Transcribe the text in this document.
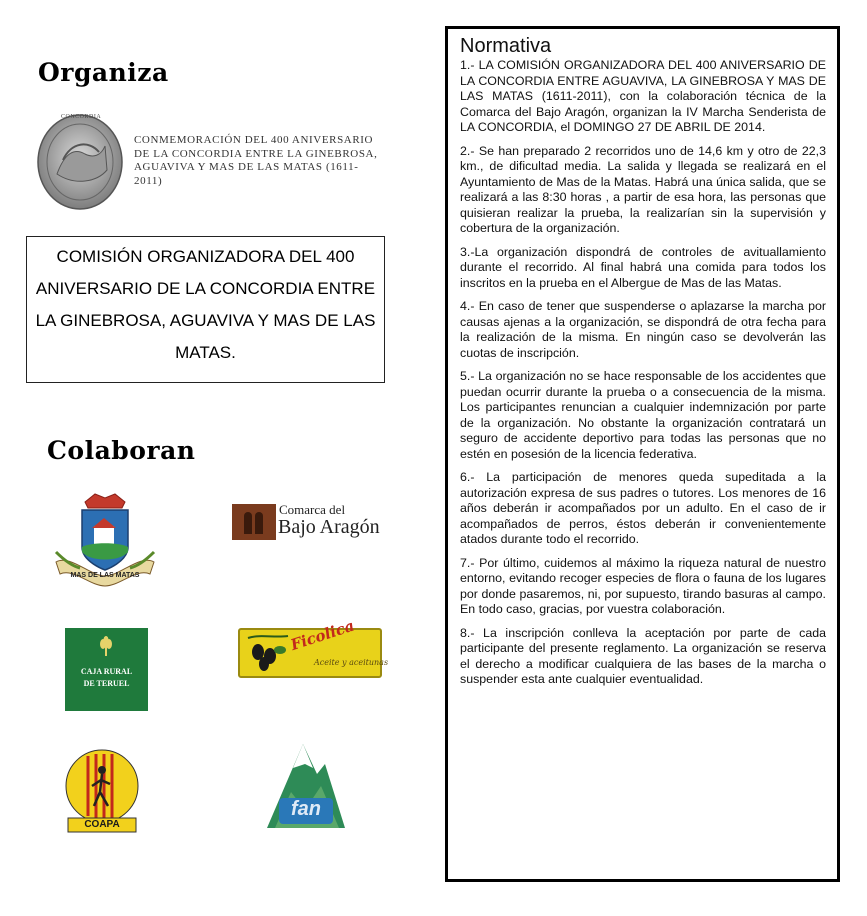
Organiza
CONCORDIA
CONMEMORACIÓN DEL 400 ANIVERSARIO DE LA CONCORDIA ENTRE LA GINEBROSA, AGUAVIVA Y MAS DE LAS MATAS (1611-2011)
COMISIÓN ORGANIZADORA DEL 400 ANIVERSARIO DE LA CONCORDIA ENTRE LA GINEBROSA, AGUAVIVA Y MAS DE LAS MATAS.
Colaboran
MAS DE LAS MATAS
Comarca del
Bajo Aragón
CAJA RURAL
DE TERUEL
Ficolica
Aceite y aceitunas
COAPA
fan
Normativa

1.- LA COMISIÓN ORGANIZADORA DEL 400 ANIVERSARIO DE LA CONCORDIA ENTRE AGUAVIVA, LA GINEBROSA Y MAS DE LAS MATAS (1611-2011), con la colaboración técnica de la Comarca del Bajo Aragón, organizan la IV Marcha Senderista de LA CONCORDIA, el DOMINGO 27 DE ABRIL DE 2014.

2.- Se han preparado 2 recorridos uno de 14,6 km y otro de 22,3 km., de dificultad media. La salida y llegada se realizará en el Ayuntamiento de Mas de la Matas. Habrá una única salida, que se realizará a las 8:30 horas , a partir de esa hora, las personas que quisieran realizar la prueba, la realizarían sin la supervisión y cobertura de la organización.

3.-La organización dispondrá de controles de avituallamiento durante el recorrido. Al final habrá una comida para todos los inscritos en la prueba en el Albergue de Mas de las Matas.

4.- En caso de tener que suspenderse o aplazarse la marcha por causas ajenas a la organización, se dispondrá de otra fecha para la realización de la misma. En ningún caso se devolverán las cuotas de inscripción.

5.- La organización no se hace responsable de los accidentes que puedan ocurrir durante la prueba o a consecuencia de la misma. Los participantes renuncian a cualquier indemnización por parte de la organización. No obstante la organización contratará un seguro de accidente deportivo para todas las personas que no estén en posesión de la licencia federativa.

6.- La participación de menores queda supeditada a la autorización expresa de sus padres o tutores. Los menores de 16 años deberán ir acompañados por un adulto. En el caso de ir acompañados de perros, éstos deberán ir convenientemente atados durante todo el recorrido.

7.- Por último, cuidemos al máximo la riqueza natural de nuestro entorno, evitando recoger especies de flora o fauna de los lugares por donde pasaremos, ni, por supuesto, tirando basuras al campo. En todo caso, gracias, por vuestra colaboración.

8.- La inscripción conlleva la aceptación por parte de cada participante del presente reglamento. La organización se reserva el derecho a modificar cualquiera de las bases de la marcha o suspender esta ante cualquier eventualidad.
